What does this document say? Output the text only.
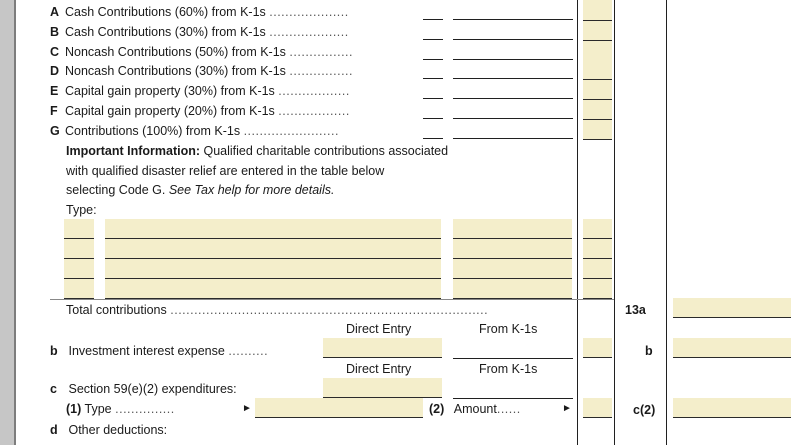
A Cash Contributions (60%) from K-1s ....................
B Cash Contributions (30%) from K-1s ....................
C Noncash Contributions (50%) from K-1s ................
D Noncash Contributions (30%) from K-1s ................
E Capital gain property (30%) from K-1s ..................
F Capital gain property (20%) from K-1s ..................
G Contributions (100%) from K-1s ........................
Important Information: Qualified charitable contributions associated
with qualified disaster relief are entered in the table below
selecting Code G. See Tax help for more details.
Type:
Total contributions ................................................................................	13a
Direct Entry	From K-1s
b Investment interest expense ..........	b
Direct Entry	From K-1s
c Section 59(e)(2) expenditures:
(1) Type ...............	►	(2) Amount......	►	c(2)
d Other deductions:
